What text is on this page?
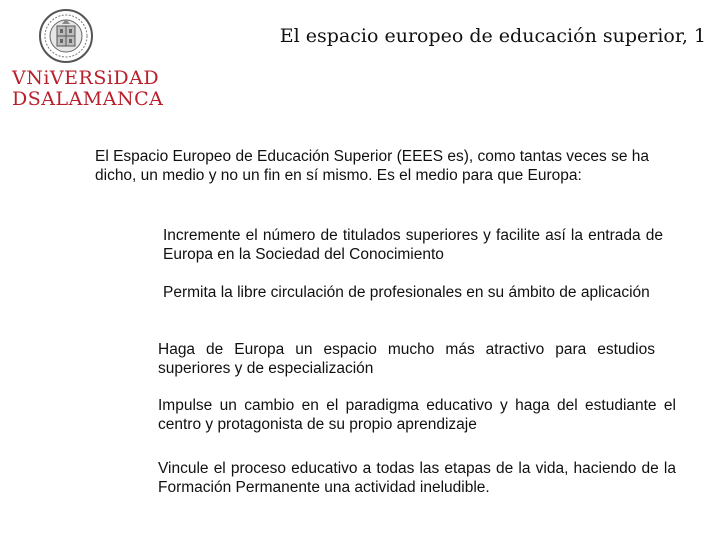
VNiVERSiDAD
DSALAMANCA
El espacio europeo de educación superior, 1
El Espacio Europeo de Educación Superior (EEES es), como tantas veces se ha dicho, un medio y no un fin en sí mismo. Es el medio para que Europa:
Incremente el número de titulados superiores y facilite así la entrada de Europa en la Sociedad del Conocimiento
Permita la libre circulación de profesionales en su ámbito de aplicación
Haga de Europa un espacio mucho más atractivo para estudios superiores y de especialización
Impulse un cambio en el paradigma educativo y haga del estudiante el centro y protagonista de su propio aprendizaje
Vincule el proceso educativo a todas las etapas de la vida, haciendo de la Formación Permanente una actividad ineludible.
